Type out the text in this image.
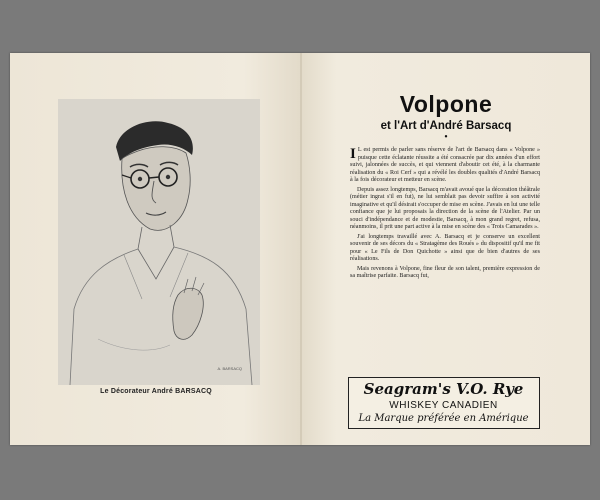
A. BARSACQ
Le Décorateur André BARSACQ
Volpone
et l'Art d'André Barsacq
•

I L est permis de parler sans réserve de l'art de Barsacq dans « Volpone » puisque cette éclatante réussite a été consacrée par dix années d'un effort suivi, jalonnées de succès, et qui viennent d'aboutir cet été, à la charmante réalisation du « Roi Cerf » qui a révélé les doubles qualités d'André Barsacq à la fois décorateur et metteur en scène.

Depuis assez longtemps, Barsacq m'avait avoué que la décoration théâtrale (métier ingrat s'il en fut), ne lui semblait pas devoir suffire à son activité imaginative et qu'il désirait s'occuper de mise en scène. J'avais en lui une telle confiance que je lui proposais la direction de la scène de l'Atelier. Par un souci d'indépendance et de modestie, Barsacq, à mon grand regret, refusa, néanmoins, il prit une part active à la mise en scène des « Trois Camarades ».

J'ai longtemps travaillé avec A. Barsacq et je conserve un excellent souvenir de ses décors du « Stratagème des Roués » du dispositif qu'il me fit pour « Le Fils de Don Quichotte » ainsi que de bien d'autres de ses réalisations.

Mais revenons à Volpone, fine fleur de son talent, première expression de sa maîtrise parfaite. Barsacq fut,

Seagram's V.O. Rye
WHISKEY CANADIEN
La Marque préférée en Amérique
